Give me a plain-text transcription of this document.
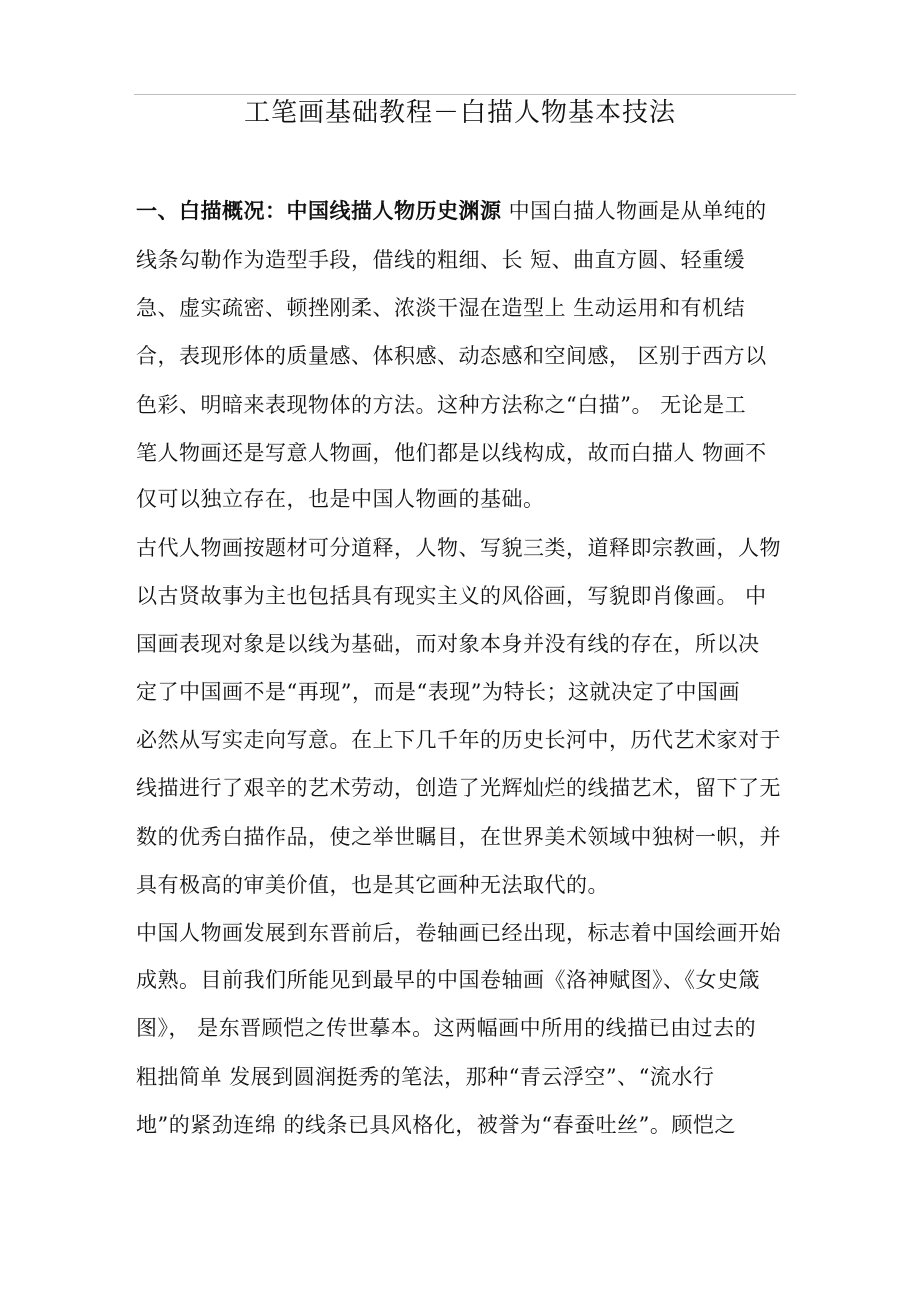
工笔画基础教程－白描人物基本技法
一、白描概况：中国线描人物历史渊源 中国白描人物画是从单纯的
线条勾勒作为造型手段，借线的粗细、长 短、曲直方圆、轻重缓
急、虚实疏密、顿挫刚柔、浓淡干湿在造型上 生动运用和有机结
合，表现形体的质量感、体积感、动态感和空间感， 区别于西方以
色彩、明暗来表现物体的方法。这种方法称之“白描”。 无论是工
笔人物画还是写意人物画，他们都是以线构成，故而白描人 物画不
仅可以独立存在，也是中国人物画的基础。
古代人物画按题材可分道释，人物、写貌三类，道释即宗教画，人物
以古贤故事为主也包括具有现实主义的风俗画，写貌即肖像画。 中
国画表现对象是以线为基础，而对象本身并没有线的存在，所以决
定了中国画不是“再现”，而是“表现”为特长；这就决定了中国画
必然从写实走向写意。在上下几千年的历史长河中，历代艺术家对于
线描进行了艰辛的艺术劳动，创造了光辉灿烂的线描艺术，留下了无
数的优秀白描作品，使之举世瞩目，在世界美术领域中独树一帜，并
具有极高的审美价值，也是其它画种无法取代的。
中国人物画发展到东晋前后，卷轴画已经出现，标志着中国绘画开始
成熟。目前我们所能见到最早的中国卷轴画《洛神赋图》、《女史箴
图》， 是东晋顾恺之传世摹本。这两幅画中所用的线描已由过去的
粗拙简单 发展到圆润挺秀的笔法，那种“青云浮空”、“流水行
地”的紧劲连绵 的线条已具风格化，被誉为“春蚕吐丝”。顾恺之
